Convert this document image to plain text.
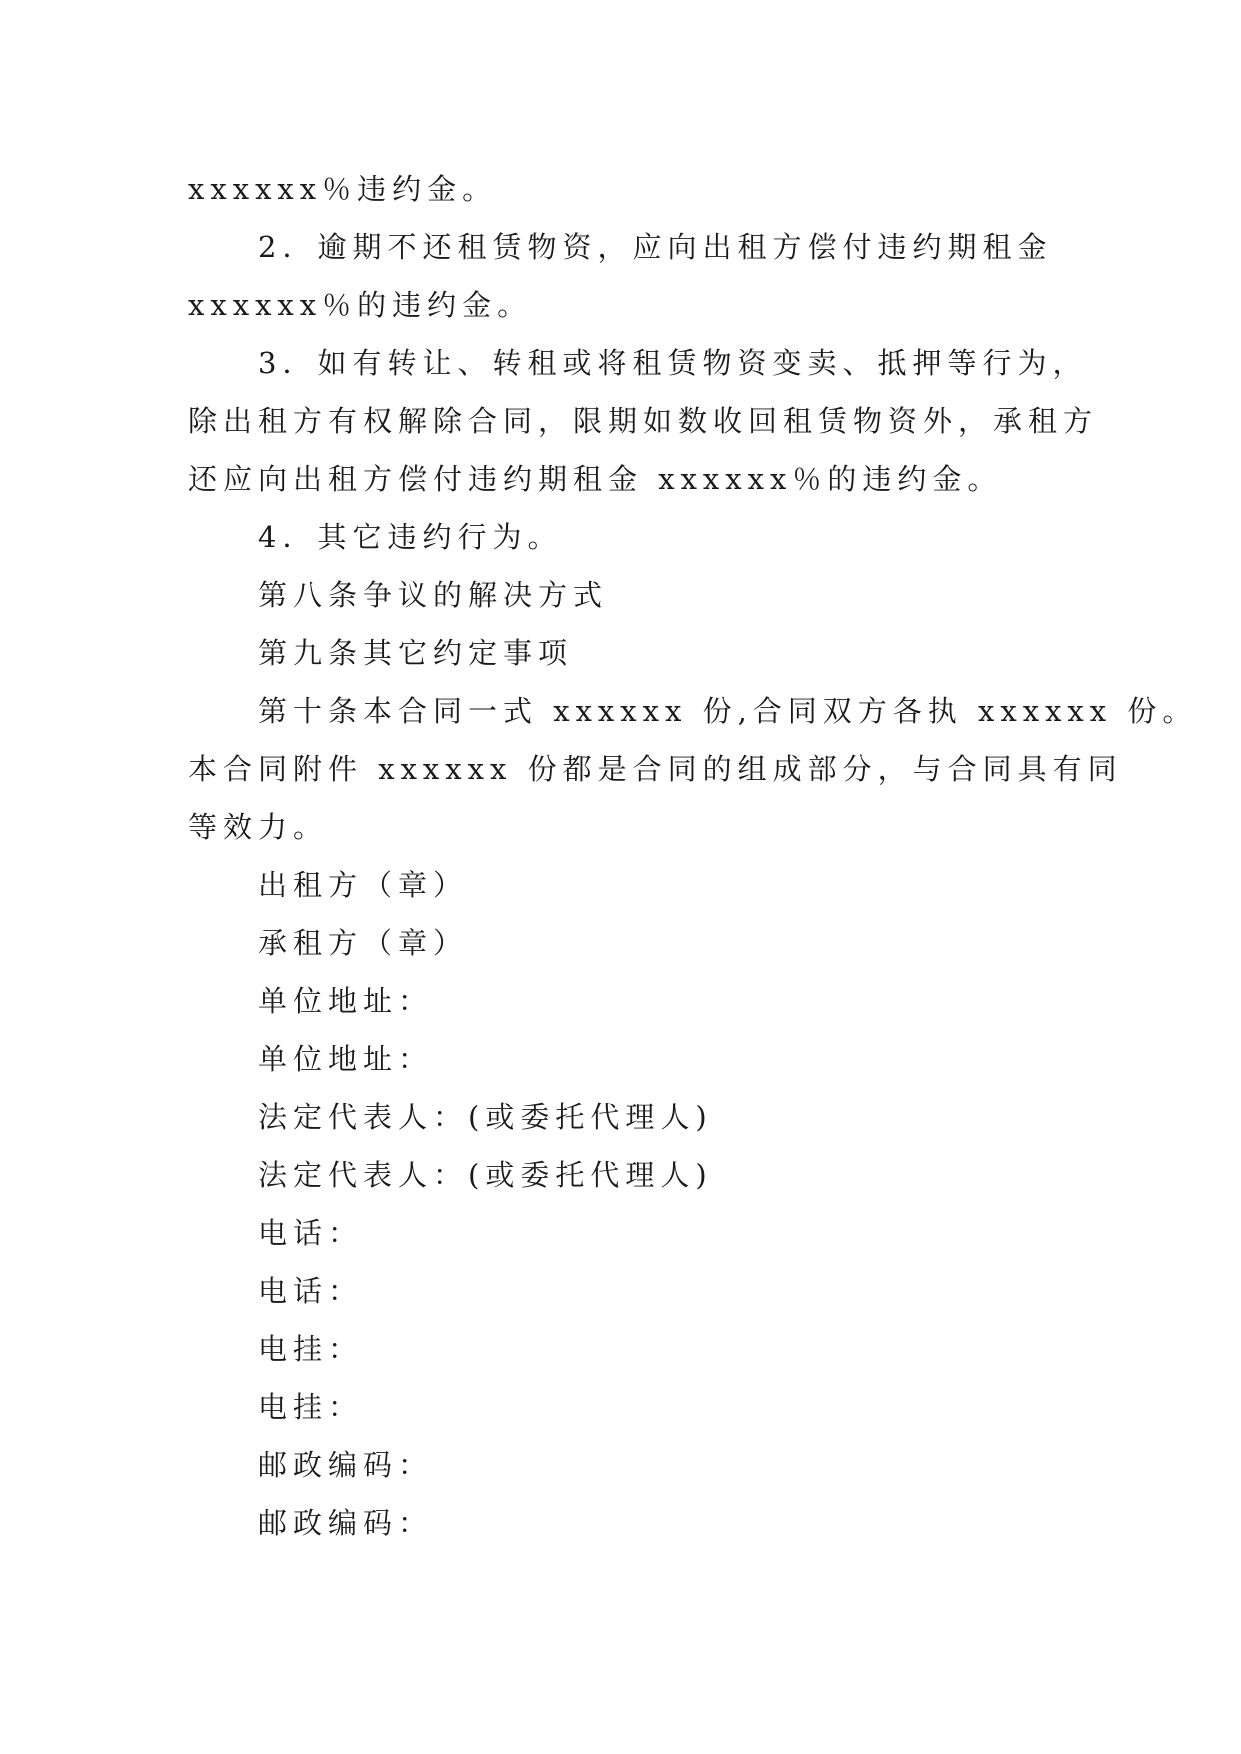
xxxxxx％违约金。

2．逾期不还租赁物资，应向出租方偿付违约期租金

xxxxxx％的违约金。

3．如有转让、转租或将租赁物资变卖、抵押等行为，

除出租方有权解除合同，限期如数收回租赁物资外，承租方

还应向出租方偿付违约期租金 xxxxxx％的违约金。

4．其它违约行为。

第八条争议的解决方式

第九条其它约定事项

第十条本合同一式 xxxxxx 份,合同双方各执 xxxxxx 份。

本合同附件 xxxxxx 份都是合同的组成部分，与合同具有同

等效力。

出租方（章）

承租方（章）

单位地址：

单位地址：

法定代表人：(或委托代理人)

法定代表人：(或委托代理人)

电话：

电话：

电挂：

电挂：

邮政编码：

邮政编码：
